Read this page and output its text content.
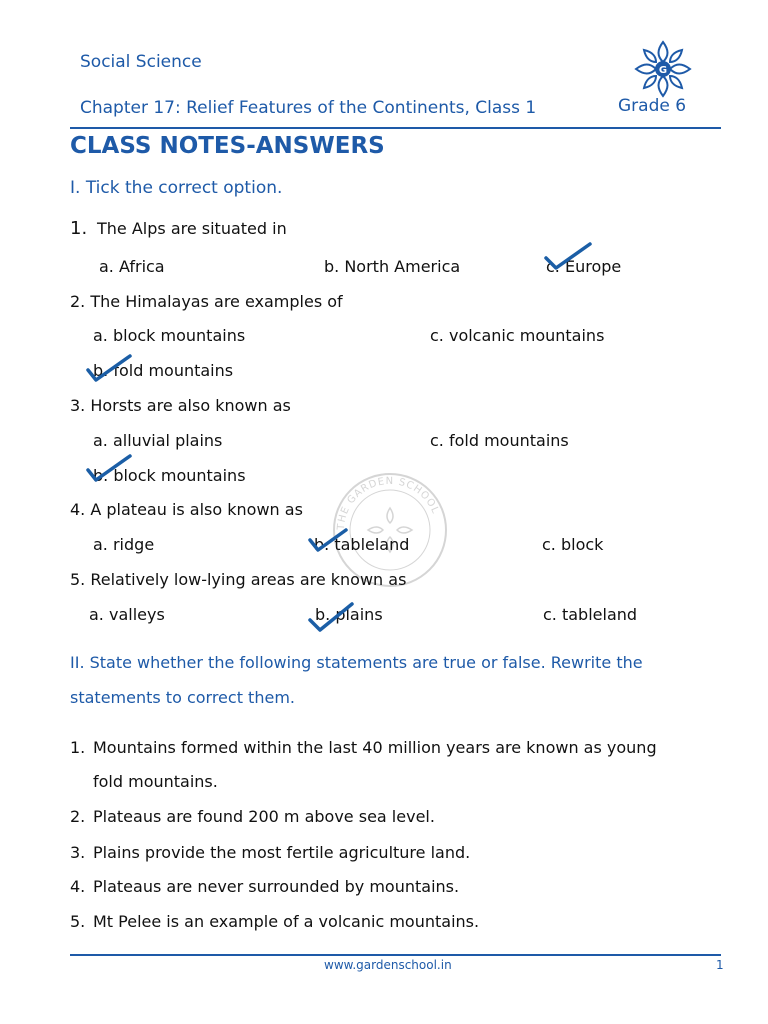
Social Science	G
Chapter 17: Relief Features of the Continents, Class 1	Grade 6
CLASS NOTES-ANSWERS
THE GARDEN SCHOOL
I. Tick the correct option.
1. The Alps are situated in
a. Africa	b. North America	c. Europe
2. The Himalayas are examples of
a. block mountains	c. volcanic mountains
b. fold mountains
3. Horsts are also known as
a. alluvial plains	c. fold mountains
b. block mountains
4. A plateau is also known as
a. ridge	b. tableland	c. block
5. Relatively low-lying areas are known as
a. valleys	b. plains	c. tableland
II. State whether the following statements are true or false. Rewrite the
statements to correct them.
1. Mountains formed within the last 40 million years are known as young
fold mountains.
2. Plateaus are found 200 m above sea level.
3. Plains provide the most fertile agriculture land.
4. Plateaus are never surrounded by mountains.
5. Mt Pelee is an example of a volcanic mountains.
www.gardenschool.in	1
